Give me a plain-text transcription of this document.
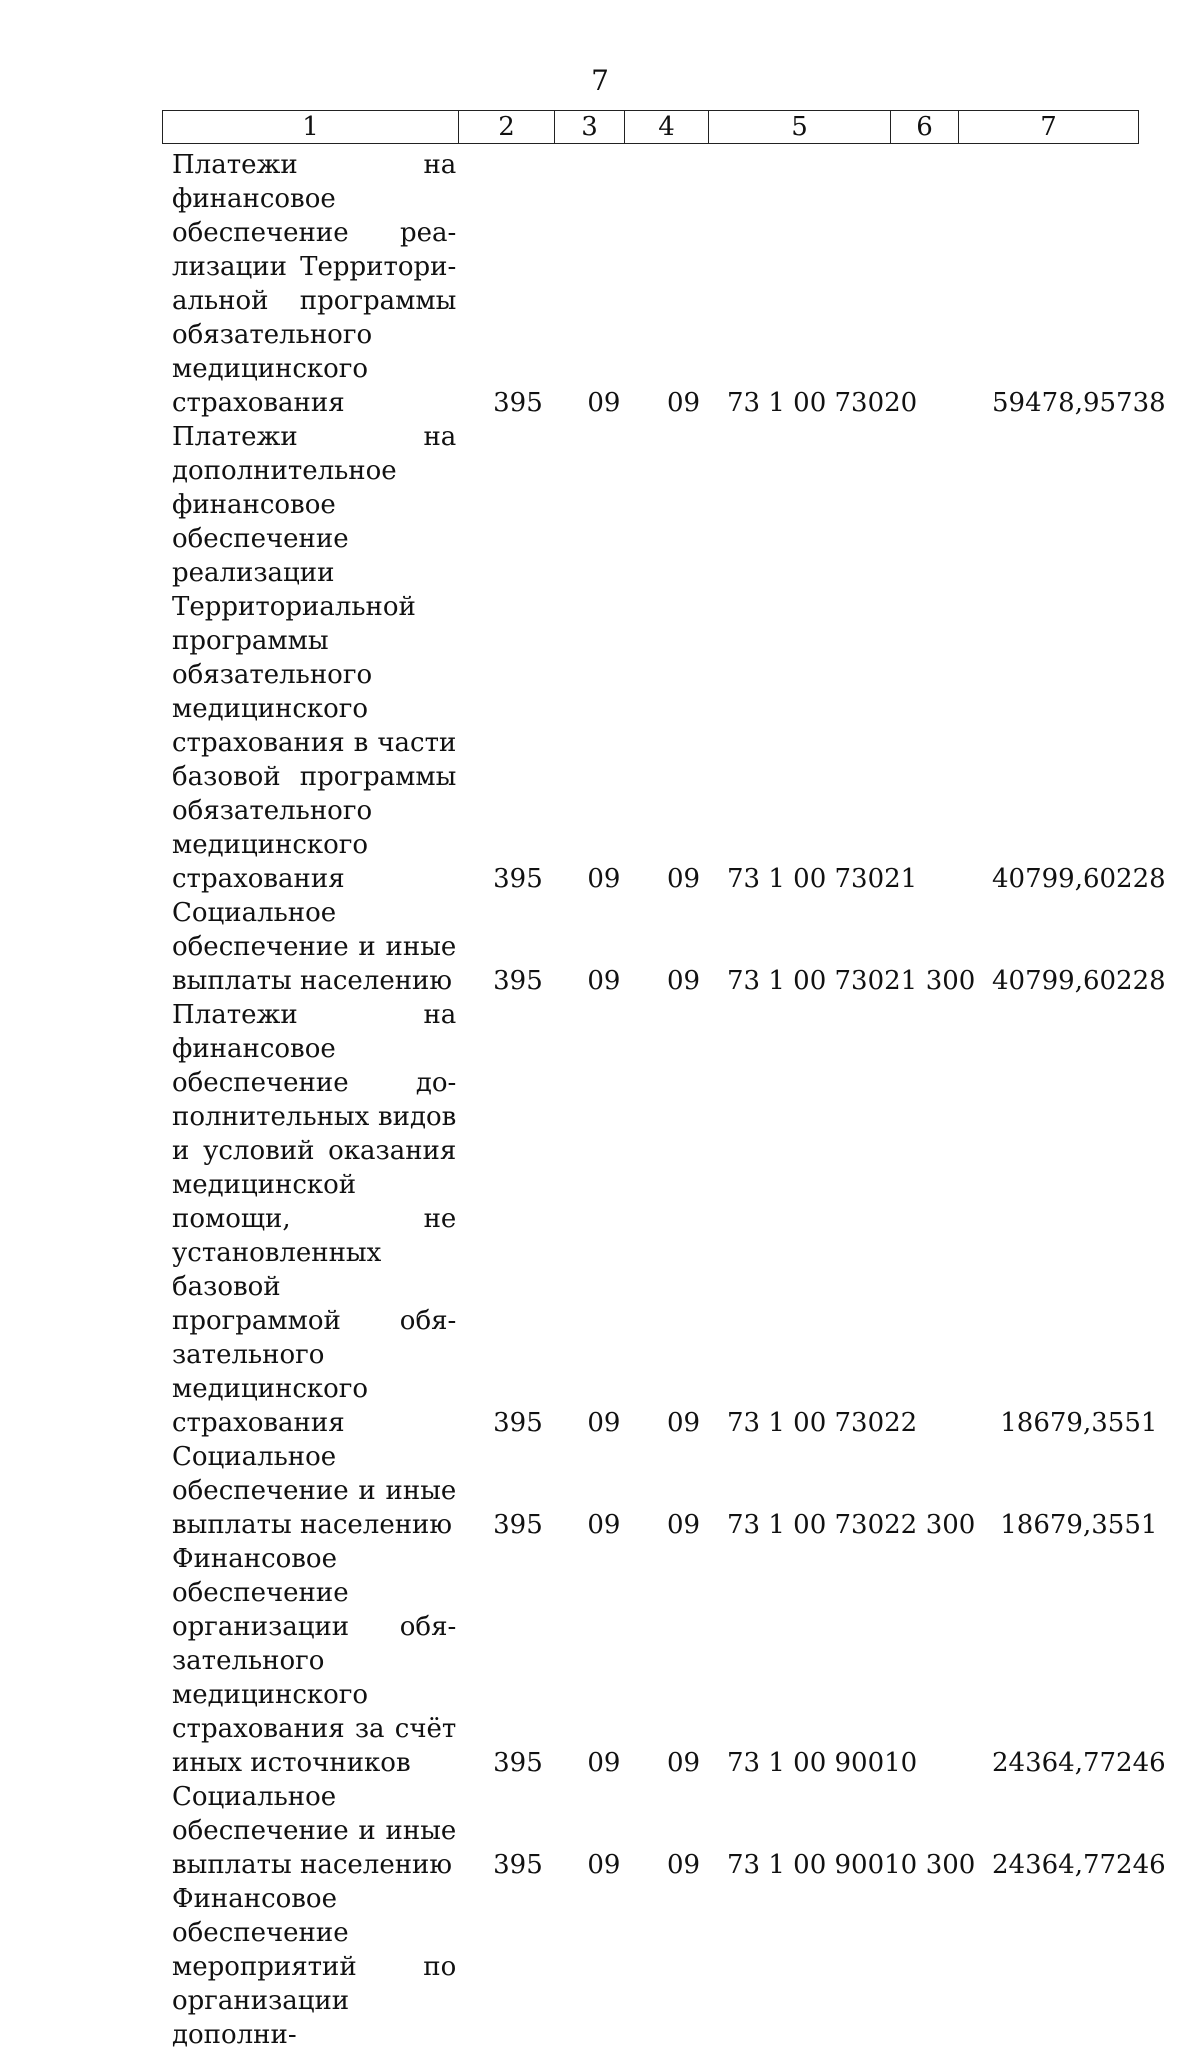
7
1	2	3	4	5	6	7
Платежи на финансовое обеспечение реализации Территориальной программы обязательного медицинского страхования	395	09	09	73 1 00 73020		59478,95738
Платежи на дополнительное финансовое обеспечение реализации Территориальной программы обязательного медицинского страхования в части базовой программы обязательного медицинского страхования	395	09	09	73 1 00 73021		40799,60228
Социальное обеспечение и иные выплаты населению	395	09	09	73 1 00 73021	300	40799,60228
Платежи на финансовое обеспечение дополнительных видов и условий оказания медицинской помощи, не установленных базовой программой обязательного медицинского страхования	395	09	09	73 1 00 73022		18679,3551
Социальное обеспечение и иные выплаты населению	395	09	09	73 1 00 73022	300	18679,3551
Финансовое обеспечение организации обязательного медицинского страхования за счёт иных источников	395	09	09	73 1 00 90010		24364,77246
Социальное обеспечение и иные выплаты населению	395	09	09	73 1 00 90010	300	24364,77246
Финансовое обеспечение мероприятий по организации дополни-						
